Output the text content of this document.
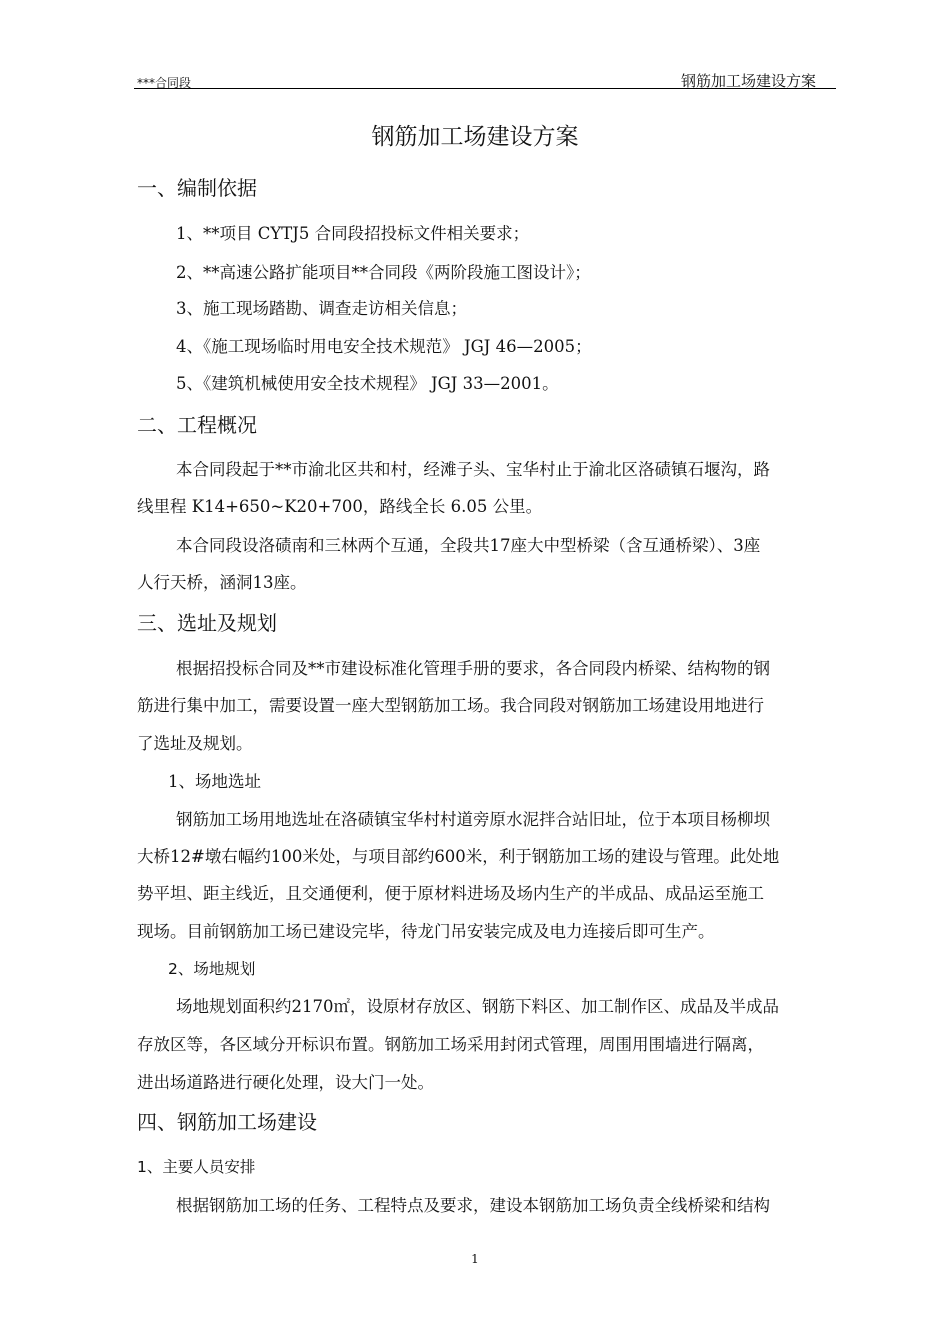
***合同段	钢筋加工场建设方案
钢筋加工场建设方案
一、编制依据
1、**项目 CYTJ5 合同段招投标文件相关要求；
2、**高速公路扩能项目**合同段《两阶段施工图设计》；
3、施工现场踏勘、调查走访相关信息；
4、《施工现场临时用电安全技术规范》 JGJ 46—2005；
5、《建筑机械使用安全技术规程》 JGJ 33—2001。
二、工程概况
本合同段起于**市渝北区共和村，经滩子头、宝华村止于渝北区洛碛镇石堰沟，路
线里程 K14+650~K20+700，路线全长 6.05 公里。
本合同段设洛碛南和三林两个互通，全段共17座大中型桥梁（含互通桥梁）、3座
人行天桥，涵洞13座。
三、选址及规划
根据招投标合同及**市建设标准化管理手册的要求，各合同段内桥梁、结构物的钢
筋进行集中加工，需要设置一座大型钢筋加工场。我合同段对钢筋加工场建设用地进行
了选址及规划。
1、场地选址
钢筋加工场用地选址在洛碛镇宝华村村道旁原水泥拌合站旧址，位于本项目杨柳坝
大桥12#墩右幅约100米处，与项目部约600米，利于钢筋加工场的建设与管理。此处地
势平坦、距主线近，且交通便利，便于原材料进场及场内生产的半成品、成品运至施工
现场。目前钢筋加工场已建设完毕，待龙门吊安装完成及电力连接后即可生产。
2、场地规划
场地规划面积约2170㎡，设原材存放区、钢筋下料区、加工制作区、成品及半成品
存放区等，各区域分开标识布置。钢筋加工场采用封闭式管理，周围用围墙进行隔离，
进出场道路进行硬化处理，设大门一处。
四、钢筋加工场建设
1、主要人员安排
根据钢筋加工场的任务、工程特点及要求，建设本钢筋加工场负责全线桥梁和结构
1
